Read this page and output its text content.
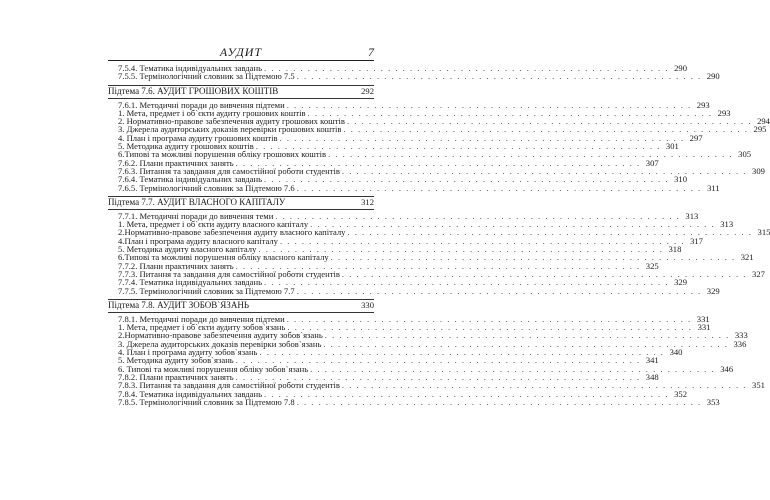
АУДИТ	7
7.5.4. Тематика індивідуальних завдань . . . . . . . . . . . . . . . . . . . . . . . . . . . . . . . . . . . . . . . . . . . . . . . . . . . . . . . . 290
7.5.5. Термінологічний словник за Підтемою 7.5 . . . . . . . . . . . . . . . . . . . . . . . . . . . . . . . . . . . . . . . . . . . . . . . . . . . . . . . . 290
Підтема 7.6. АУДИТ ГРОШОВИХ КОШТІВ	292
7.6.1. Методичні поради до вивчення підтеми . . . . . . . . . . . . . . . . . . . . . . . . . . . . . . . . . . . . . . . . . . . . . . . . . . . . . . . . 293
1. Мета, предмет і об`єкти аудиту грошових коштів . . . . . . . . . . . . . . . . . . . . . . . . . . . . . . . . . . . . . . . . . . . . . . . . . . . . . . . . 293
2. Нормативно-правове забезпечення аудиту грошових коштів . . . . . . . . . . . . . . . . . . . . . . . . . . . . . . . . . . . . . . . . . . . . . . . . . . . . . . . . 294
3. Джерела аудиторських доказів перевірки грошових коштів . . . . . . . . . . . . . . . . . . . . . . . . . . . . . . . . . . . . . . . . . . . . . . . . . . . . . . . . 295
4. План і програма аудиту грошових коштів . . . . . . . . . . . . . . . . . . . . . . . . . . . . . . . . . . . . . . . . . . . . . . . . . . . . . . . . 297
5. Методика аудиту грошових коштів . . . . . . . . . . . . . . . . . . . . . . . . . . . . . . . . . . . . . . . . . . . . . . . . . . . . . . . . 301
6.Типові та можливі порушення обліку грошових коштів . . . . . . . . . . . . . . . . . . . . . . . . . . . . . . . . . . . . . . . . . . . . . . . . . . . . . . . . 305
7.6.2. Плани практичних занять . . . . . . . . . . . . . . . . . . . . . . . . . . . . . . . . . . . . . . . . . . . . . . . . . . . . . . . . 307
7.6.3. Питання та завдання для самостійної роботи студентів . . . . . . . . . . . . . . . . . . . . . . . . . . . . . . . . . . . . . . . . . . . . . . . . . . . . . . . . 309
7.6.4. Тематика індивідуальних завдань . . . . . . . . . . . . . . . . . . . . . . . . . . . . . . . . . . . . . . . . . . . . . . . . . . . . . . . . 310
7.6.5. Термінологічний словник за Підтемою 7.6 . . . . . . . . . . . . . . . . . . . . . . . . . . . . . . . . . . . . . . . . . . . . . . . . . . . . . . . . 311
Підтема 7.7. АУДИТ ВЛАСНОГО КАПІТАЛУ	312
7.7.1. Методичні поради до вивчення теми . . . . . . . . . . . . . . . . . . . . . . . . . . . . . . . . . . . . . . . . . . . . . . . . . . . . . . . . 313
1. Мета, предмет і об`єкти аудиту власного капіталу . . . . . . . . . . . . . . . . . . . . . . . . . . . . . . . . . . . . . . . . . . . . . . . . . . . . . . . . 313
2.Нормативно-правове забезпечення аудиту власного капіталу . . . . . . . . . . . . . . . . . . . . . . . . . . . . . . . . . . . . . . . . . . . . . . . . . . . . . . . . 315
4.План і програма аудиту власного капіталу . . . . . . . . . . . . . . . . . . . . . . . . . . . . . . . . . . . . . . . . . . . . . . . . . . . . . . . . 317
5. Методика аудиту власного капіталу . . . . . . . . . . . . . . . . . . . . . . . . . . . . . . . . . . . . . . . . . . . . . . . . . . . . . . . . 318
6.Типові та можливі порушення обліку власного капіталу . . . . . . . . . . . . . . . . . . . . . . . . . . . . . . . . . . . . . . . . . . . . . . . . . . . . . . . . 321
7.7.2. Плани практичних занять . . . . . . . . . . . . . . . . . . . . . . . . . . . . . . . . . . . . . . . . . . . . . . . . . . . . . . . . 325
7.7.3. Питання та завдання для самостійної роботи студентів . . . . . . . . . . . . . . . . . . . . . . . . . . . . . . . . . . . . . . . . . . . . . . . . . . . . . . . . 327
7.7.4. Тематика індивідуальних завдань . . . . . . . . . . . . . . . . . . . . . . . . . . . . . . . . . . . . . . . . . . . . . . . . . . . . . . . . 329
7.7.5. Термінологічний словник за Підтемою 7.7 . . . . . . . . . . . . . . . . . . . . . . . . . . . . . . . . . . . . . . . . . . . . . . . . . . . . . . . . 329
Підтема 7.8. АУДИТ ЗОБОВ`ЯЗАНЬ	330
7.8.1. Методичні поради до вивчення підтеми . . . . . . . . . . . . . . . . . . . . . . . . . . . . . . . . . . . . . . . . . . . . . . . . . . . . . . . . 331
1. Мета, предмет і об`єкти аудиту зобов`язань . . . . . . . . . . . . . . . . . . . . . . . . . . . . . . . . . . . . . . . . . . . . . . . . . . . . . . . . 331
2.Нормативно-правове забезпечення аудиту зобов`язань . . . . . . . . . . . . . . . . . . . . . . . . . . . . . . . . . . . . . . . . . . . . . . . . . . . . . . . . 333
3. Джерела аудиторських доказів перевірки зобов`язань . . . . . . . . . . . . . . . . . . . . . . . . . . . . . . . . . . . . . . . . . . . . . . . . . . . . . . . . 336
4. План і програма аудиту зобов`язань . . . . . . . . . . . . . . . . . . . . . . . . . . . . . . . . . . . . . . . . . . . . . . . . . . . . . . . . 340
5. Методика аудиту зобов`язань . . . . . . . . . . . . . . . . . . . . . . . . . . . . . . . . . . . . . . . . . . . . . . . . . . . . . . . . 341
6. Типові та можливі порушення обліку зобов`язань . . . . . . . . . . . . . . . . . . . . . . . . . . . . . . . . . . . . . . . . . . . . . . . . . . . . . . . . 346
7.8.2. Плани практичних занять . . . . . . . . . . . . . . . . . . . . . . . . . . . . . . . . . . . . . . . . . . . . . . . . . . . . . . . . 348
7.8.3. Питання та завдання для самостійної роботи студентів . . . . . . . . . . . . . . . . . . . . . . . . . . . . . . . . . . . . . . . . . . . . . . . . . . . . . . . . 351
7.8.4. Тематика індивідуальних завдань . . . . . . . . . . . . . . . . . . . . . . . . . . . . . . . . . . . . . . . . . . . . . . . . . . . . . . . . 352
7.8.5. Термінологічний словник за Підтемою 7.8 . . . . . . . . . . . . . . . . . . . . . . . . . . . . . . . . . . . . . . . . . . . . . . . . . . . . . . . . 353
